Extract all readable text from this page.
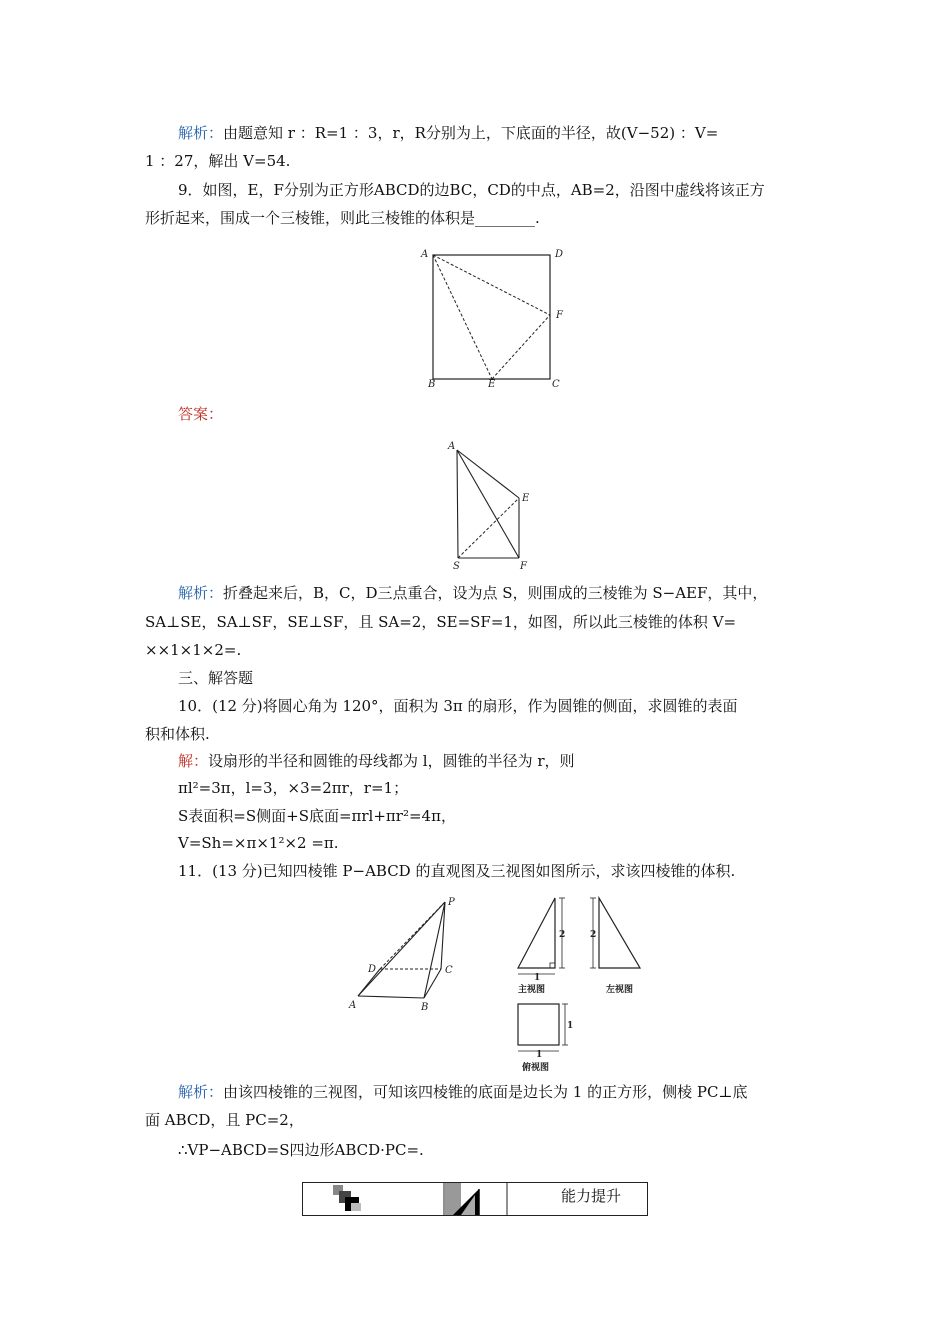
解析：由题意知 r ：R=1 ：3，r，R分别为上，下底面的半径，故(V−52) ：V=
1 ：27，解出 V=54.
9．如图，E，F分别为正方形ABCD的边BC，CD的中点，AB=2，沿图中虚线将该正方
形折起来，围成一个三棱锥，则此三棱锥的体积是________.
A	D
F
B	E	C
答案：
A
E
S	F
解析：折叠起来后，B，C，D三点重合，设为点 S，则围成的三棱锥为 S−AEF，其中，
SA⊥SE，SA⊥SF，SE⊥SF，且 SA=2，SE=SF=1，如图，所以此三棱锥的体积 V=
××1×1×2=.
三、解答题
10．(12 分)将圆心角为 120°，面积为 3π 的扇形，作为圆锥的侧面，求圆锥的表面
积和体积.
解：设扇形的半径和圆锥的母线都为 l，圆锥的半径为 r，则
πl²=3π，l=3，×3=2πr，r=1；
S表面积=S侧面+S底面=πrl+πr²=4π，
V=Sh=×π×1²×2 =π.
11．(13 分)已知四棱锥 P−ABCD 的直观图及三视图如图所示，求该四棱锥的体积.
P
D	C
A	B
2
1
主视图
2
左视图
1
1
俯视图
解析：由该四棱锥的三视图，可知该四棱锥的底面是边长为 1 的正方形，侧棱 PC⊥底
面 ABCD，且 PC=2，
∴VP−ABCD=S四边形ABCD·PC=.
能力提升
